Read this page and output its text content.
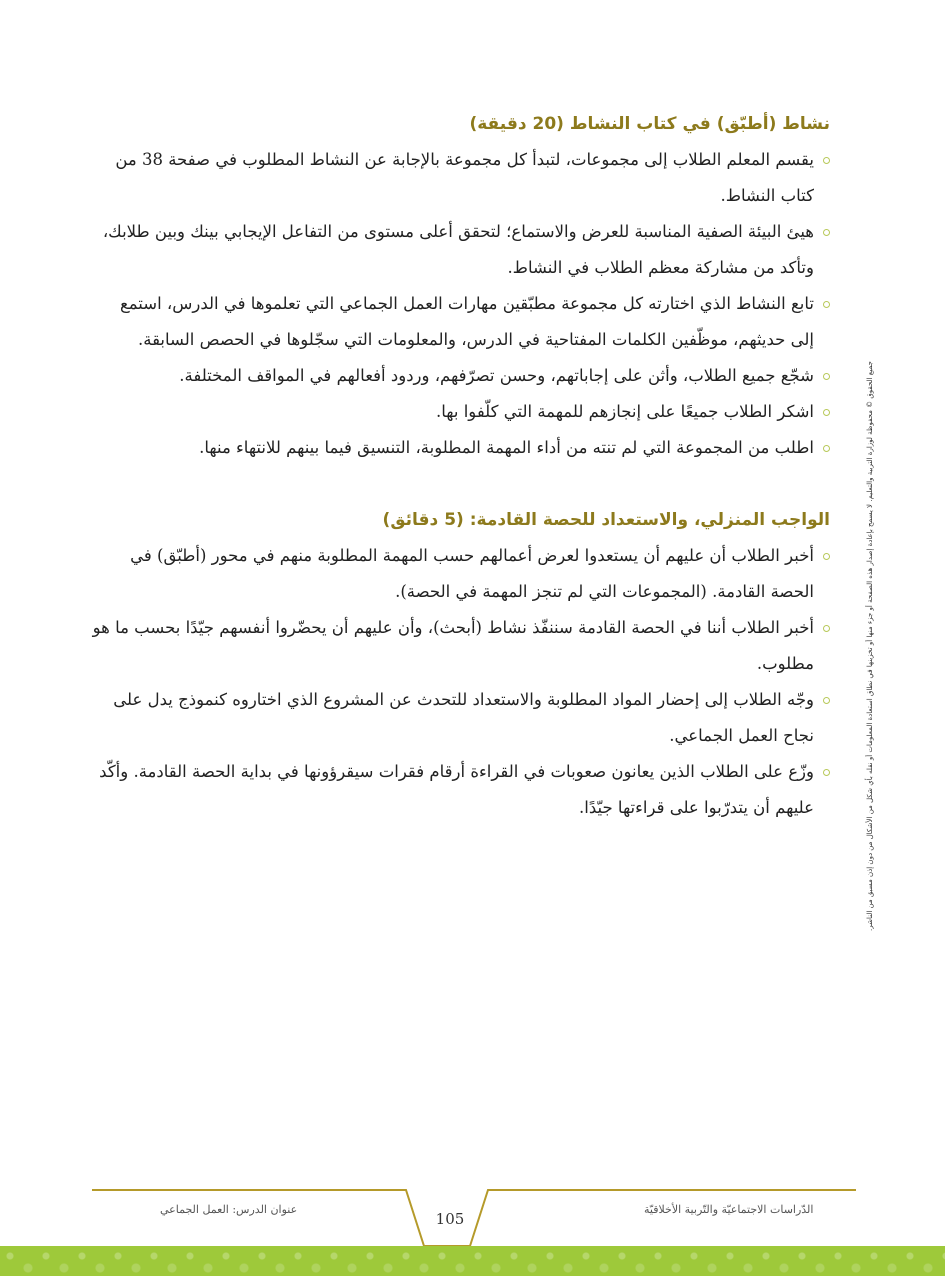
نشاط (أطبّق) في كتاب النشاط (20 دقيقة)
يقسم المعلم الطلاب إلى مجموعات، لتبدأ كل مجموعة بالإجابة عن النشاط المطلوب في صفحة 38 من كتاب النشاط.
هيئ البيئة الصفية المناسبة للعرض والاستماع؛ لتحقق أعلى مستوى من التفاعل الإيجابي بينك وبين طلابك، وتأكد من مشاركة معظم الطلاب في النشاط.
تابع النشاط الذي اختارته كل مجموعة مطبّقين مهارات العمل الجماعي التي تعلموها في الدرس، استمع إلى حديثهم، موظّفين الكلمات المفتاحية في الدرس، والمعلومات التي سجّلوها في الحصص السابقة.
شجّع جميع الطلاب، وأثن على إجاباتهم، وحسن تصرّفهم، وردود أفعالهم في المواقف المختلفة.
اشكر الطلاب جميعًا على إنجازهم للمهمة التي كلّفوا بها.
اطلب من المجموعة التي لم تنته من أداء المهمة المطلوبة، التنسيق فيما بينهم للانتهاء منها.
الواجب المنزلي، والاستعداد للحصة القادمة: (5 دقائق)
أخبر الطلاب أن عليهم أن يستعدوا لعرض أعمالهم حسب المهمة المطلوبة منهم في محور (أطبّق) في الحصة القادمة. (المجموعات التي لم تنجز المهمة في الحصة).
أخبر الطلاب أننا في الحصة القادمة سننفّذ نشاط (أبحث)، وأن عليهم أن يحضّروا أنفسهم جيّدًا بحسب ما هو مطلوب.
وجّه الطلاب إلى إحضار المواد المطلوبة والاستعداد للتحدث عن المشروع الذي اختاروه كنموذج يدل على نجاح العمل الجماعي.
وزّع على الطلاب الذين يعانون صعوبات في القراءة أرقام فقرات سيقرؤونها في بداية الحصة القادمة. وأكّد عليهم أن يتدرّبوا على قراءتها جيّدًا.	جميع الحقوق © محفوظة لوزارة التربية والتعليم. لا يسمح بإعادة إصدار هذه الصفحة أو جزء منها أو تخزينها في نطاق استعادة المعلومات أو نقله بأي شكل من الأشكال من دون إذن مسبق من الناشر.
عنوان الدرس: العمل الجماعي	الدّراسات الاجتماعيّة والتّربية الأخلاقيّة
105
